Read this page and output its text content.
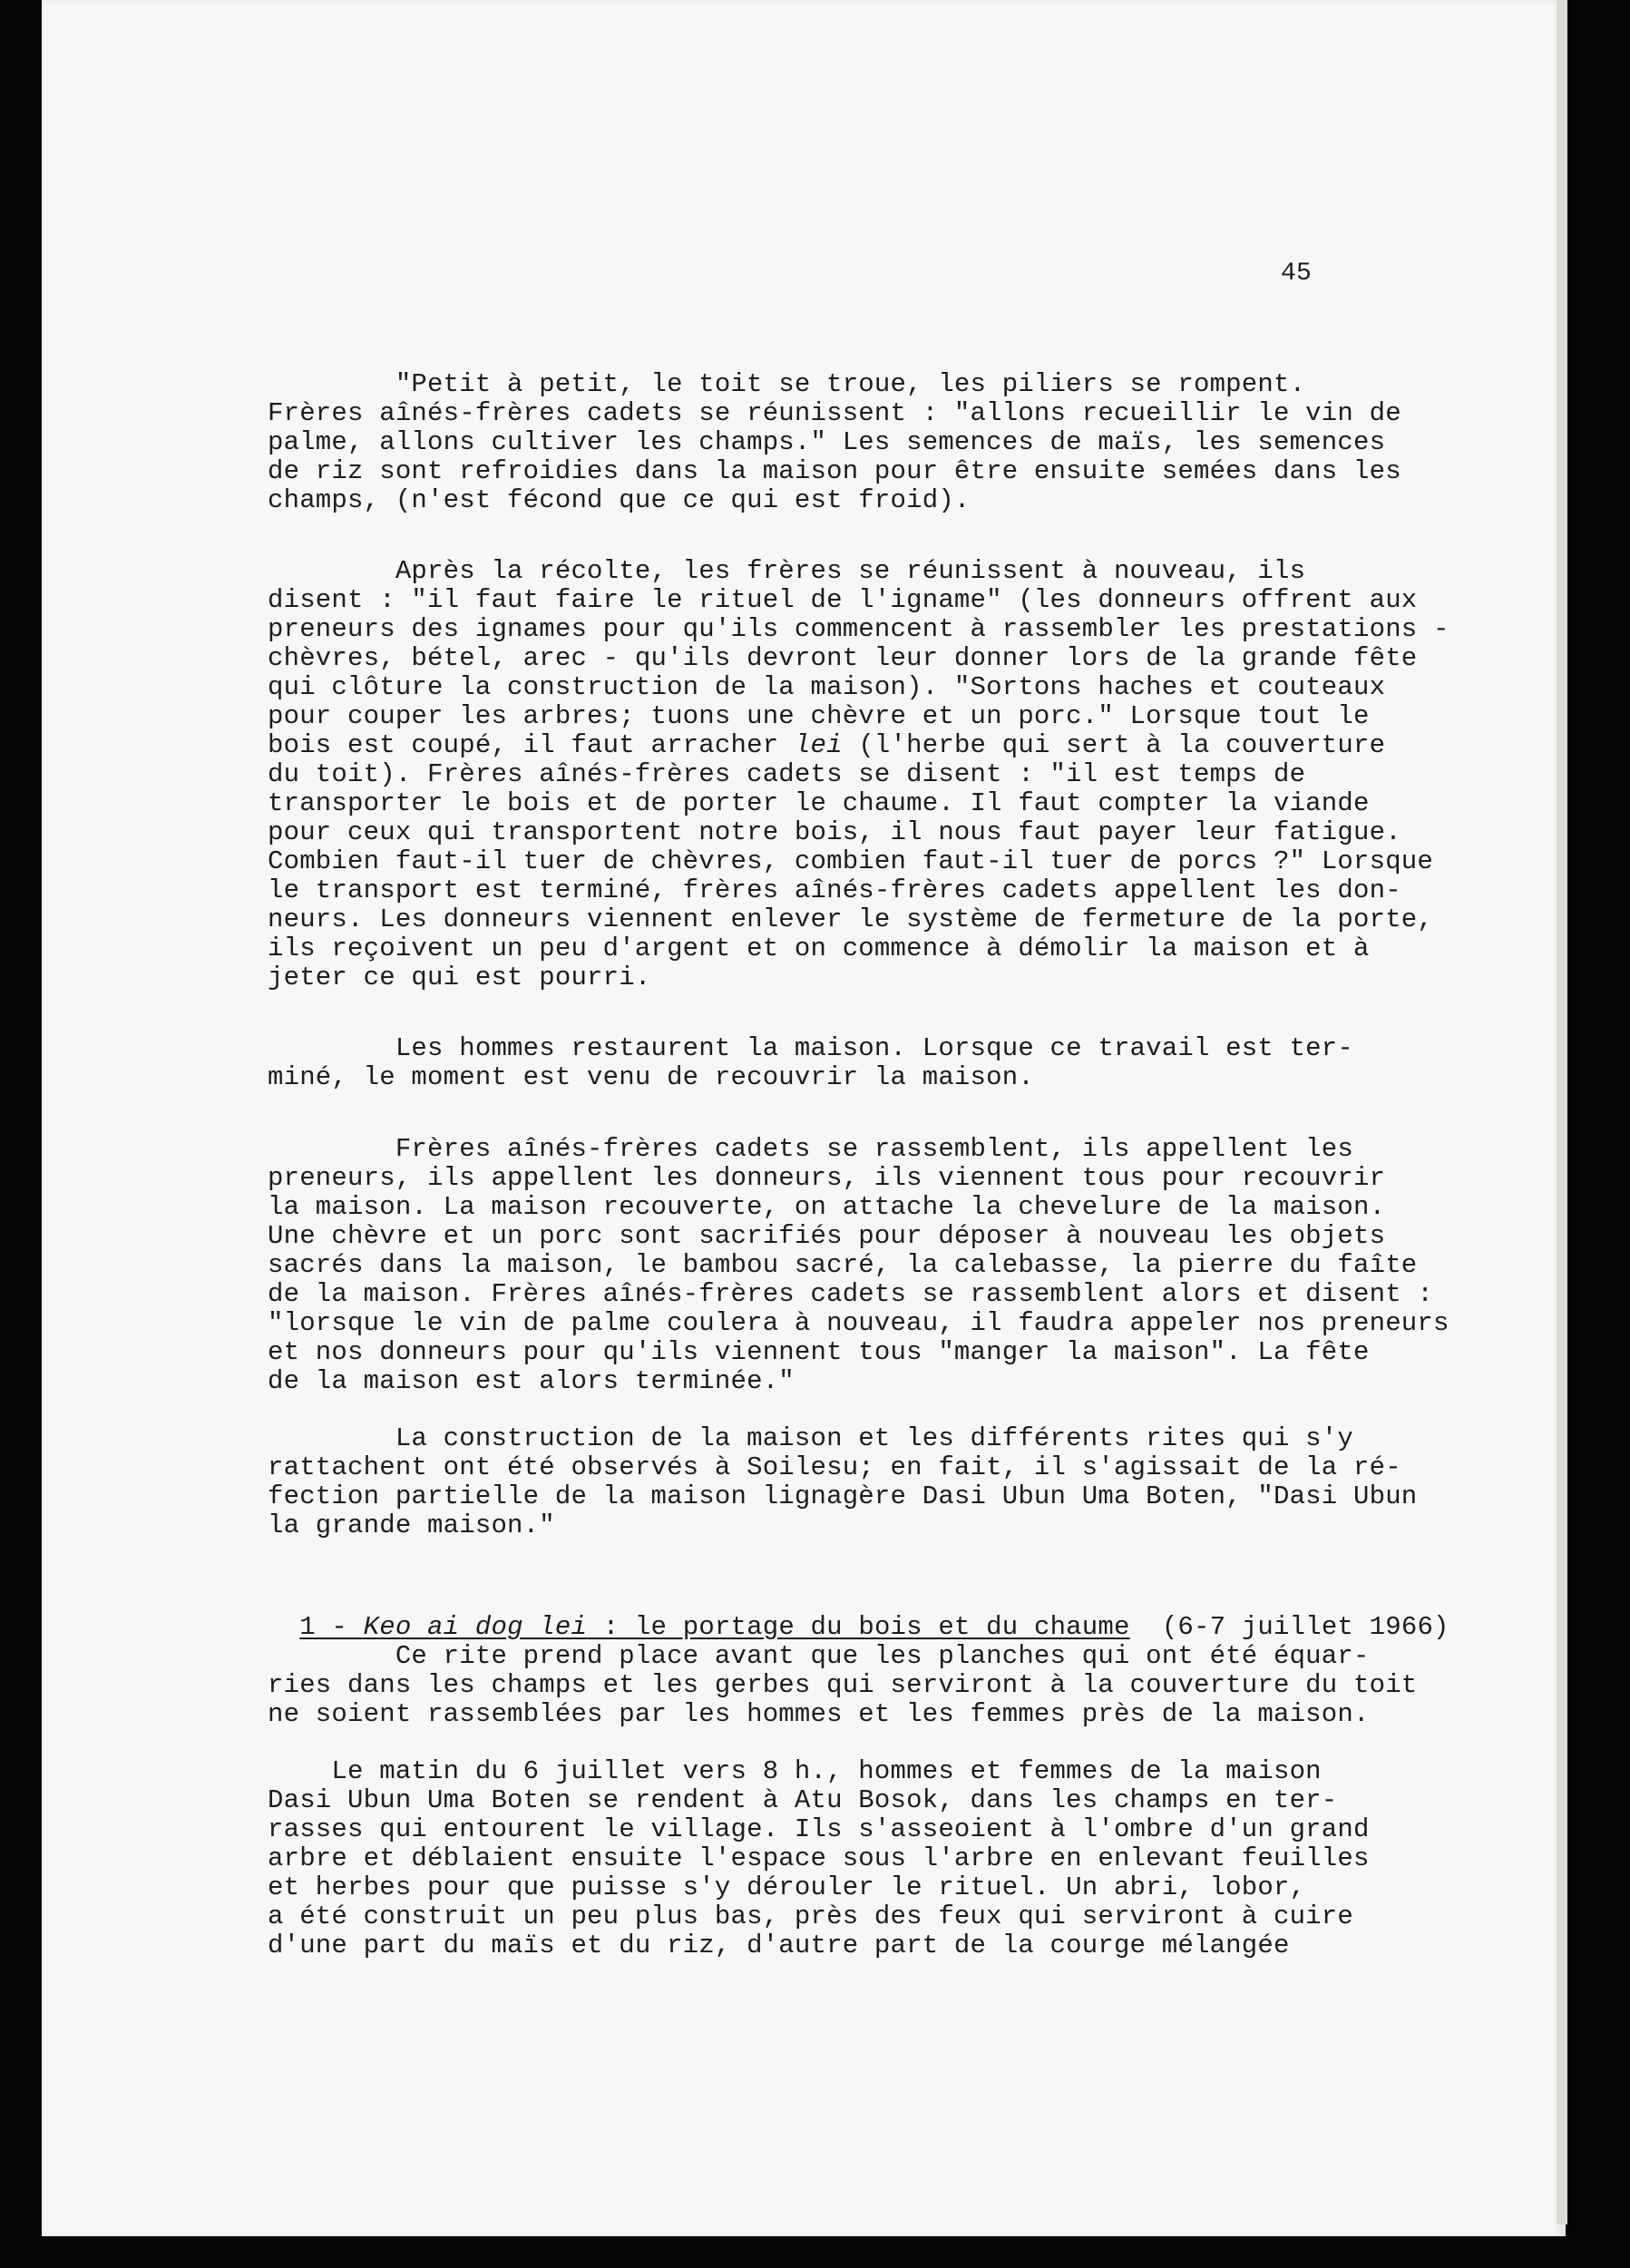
45
"Petit à petit, le toit se troue, les piliers se rompent.
Frères aînés-frères cadets se réunissent : "allons recueillir le vin de
palme, allons cultiver les champs." Les semences de maïs, les semences
de riz sont refroidies dans la maison pour être ensuite semées dans les
champs, (n'est fécond que ce qui est froid).
Après la récolte, les frères se réunissent à nouveau, ils
disent : "il faut faire le rituel de l'igname" (les donneurs offrent aux
preneurs des ignames pour qu'ils commencent à rassembler les prestations -
chèvres, bétel, arec - qu'ils devront leur donner lors de la grande fête
qui clôture la construction de la maison). "Sortons haches et couteaux
pour couper les arbres; tuons une chèvre et un porc." Lorsque tout le
bois est coupé, il faut arracher lei (l'herbe qui sert à la couverture
du toit). Frères aînés-frères cadets se disent : "il est temps de
transporter le bois et de porter le chaume. Il faut compter la viande
pour ceux qui transportent notre bois, il nous faut payer leur fatigue.
Combien faut-il tuer de chèvres, combien faut-il tuer de porcs ?" Lorsque
le transport est terminé, frères aînés-frères cadets appellent les don-
neurs. Les donneurs viennent enlever le système de fermeture de la porte,
ils reçoivent un peu d'argent et on commence à démolir la maison et à
jeter ce qui est pourri.
Les hommes restaurent la maison. Lorsque ce travail est ter-
miné, le moment est venu de recouvrir la maison.
Frères aînés-frères cadets se rassemblent, ils appellent les
preneurs, ils appellent les donneurs, ils viennent tous pour recouvrir
la maison. La maison recouverte, on attache la chevelure de la maison.
Une chèvre et un porc sont sacrifiés pour déposer à nouveau les objets
sacrés dans la maison, le bambou sacré, la calebasse, la pierre du faîte
de la maison. Frères aînés-frères cadets se rassemblent alors et disent :
"lorsque le vin de palme coulera à nouveau, il faudra appeler nos preneurs
et nos donneurs pour qu'ils viennent tous "manger la maison". La fête
de la maison est alors terminée."
La construction de la maison et les différents rites qui s'y
rattachent ont été observés à Soilesu; en fait, il s'agissait de la ré-
fection partielle de la maison lignagère Dasi Ubun Uma Boten, "Dasi Ubun
la grande maison."

1 - Keo ai dog lei : le portage du bois et du chaume (6-7 juillet 1966)

Ce rite prend place avant que les planches qui ont été équar-
ries dans les champs et les gerbes qui serviront à la couverture du toit
ne soient rassemblées par les hommes et les femmes près de la maison.
Le matin du 6 juillet vers 8 h., hommes et femmes de la maison
Dasi Ubun Uma Boten se rendent à Atu Bosok, dans les champs en ter-
rasses qui entourent le village. Ils s'asseoient à l'ombre d'un grand
arbre et déblaient ensuite l'espace sous l'arbre en enlevant feuilles
et herbes pour que puisse s'y dérouler le rituel. Un abri, lobor,
a été construit un peu plus bas, près des feux qui serviront à cuire
d'une part du maïs et du riz, d'autre part de la courge mélangée
